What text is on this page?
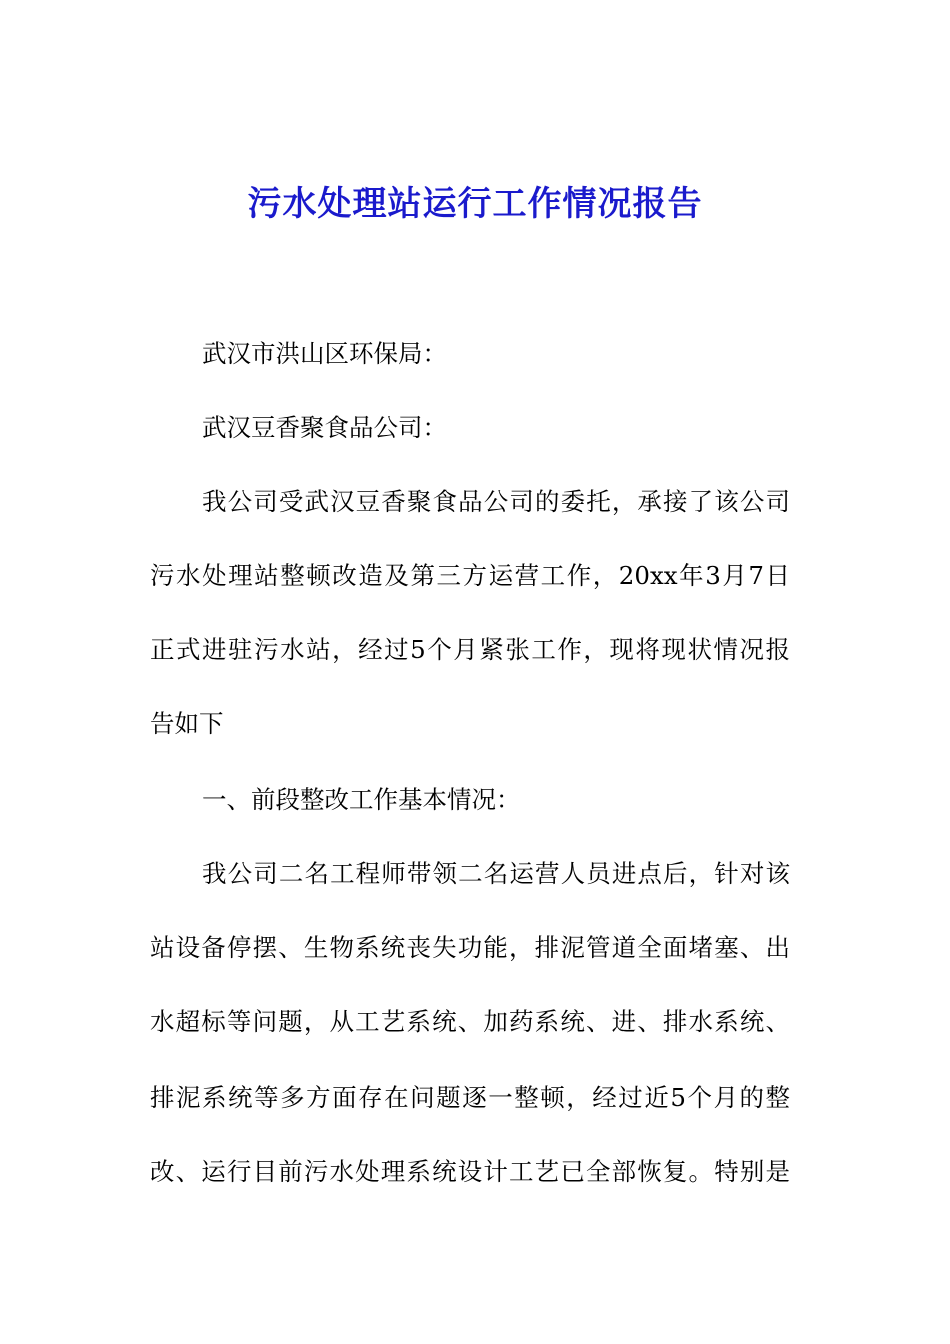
污水处理站运行工作情况报告
武汉市洪山区环保局：
武汉豆香聚食品公司：
我公司受武汉豆香聚食品公司的委托，承接了该公司
污水处理站整顿改造及第三方运营工作，20xx年3月7日
正式进驻污水站，经过5个月紧张工作，现将现状情况报
告如下
一、前段整改工作基本情况：
我公司二名工程师带领二名运营人员进点后，针对该
站设备停摆、生物系统丧失功能，排泥管道全面堵塞、出
水超标等问题，从工艺系统、加药系统、进、排水系统、
排泥系统等多方面存在问题逐一整顿，经过近5个月的整
改、运行目前污水处理系统设计工艺已全部恢复。特别是
